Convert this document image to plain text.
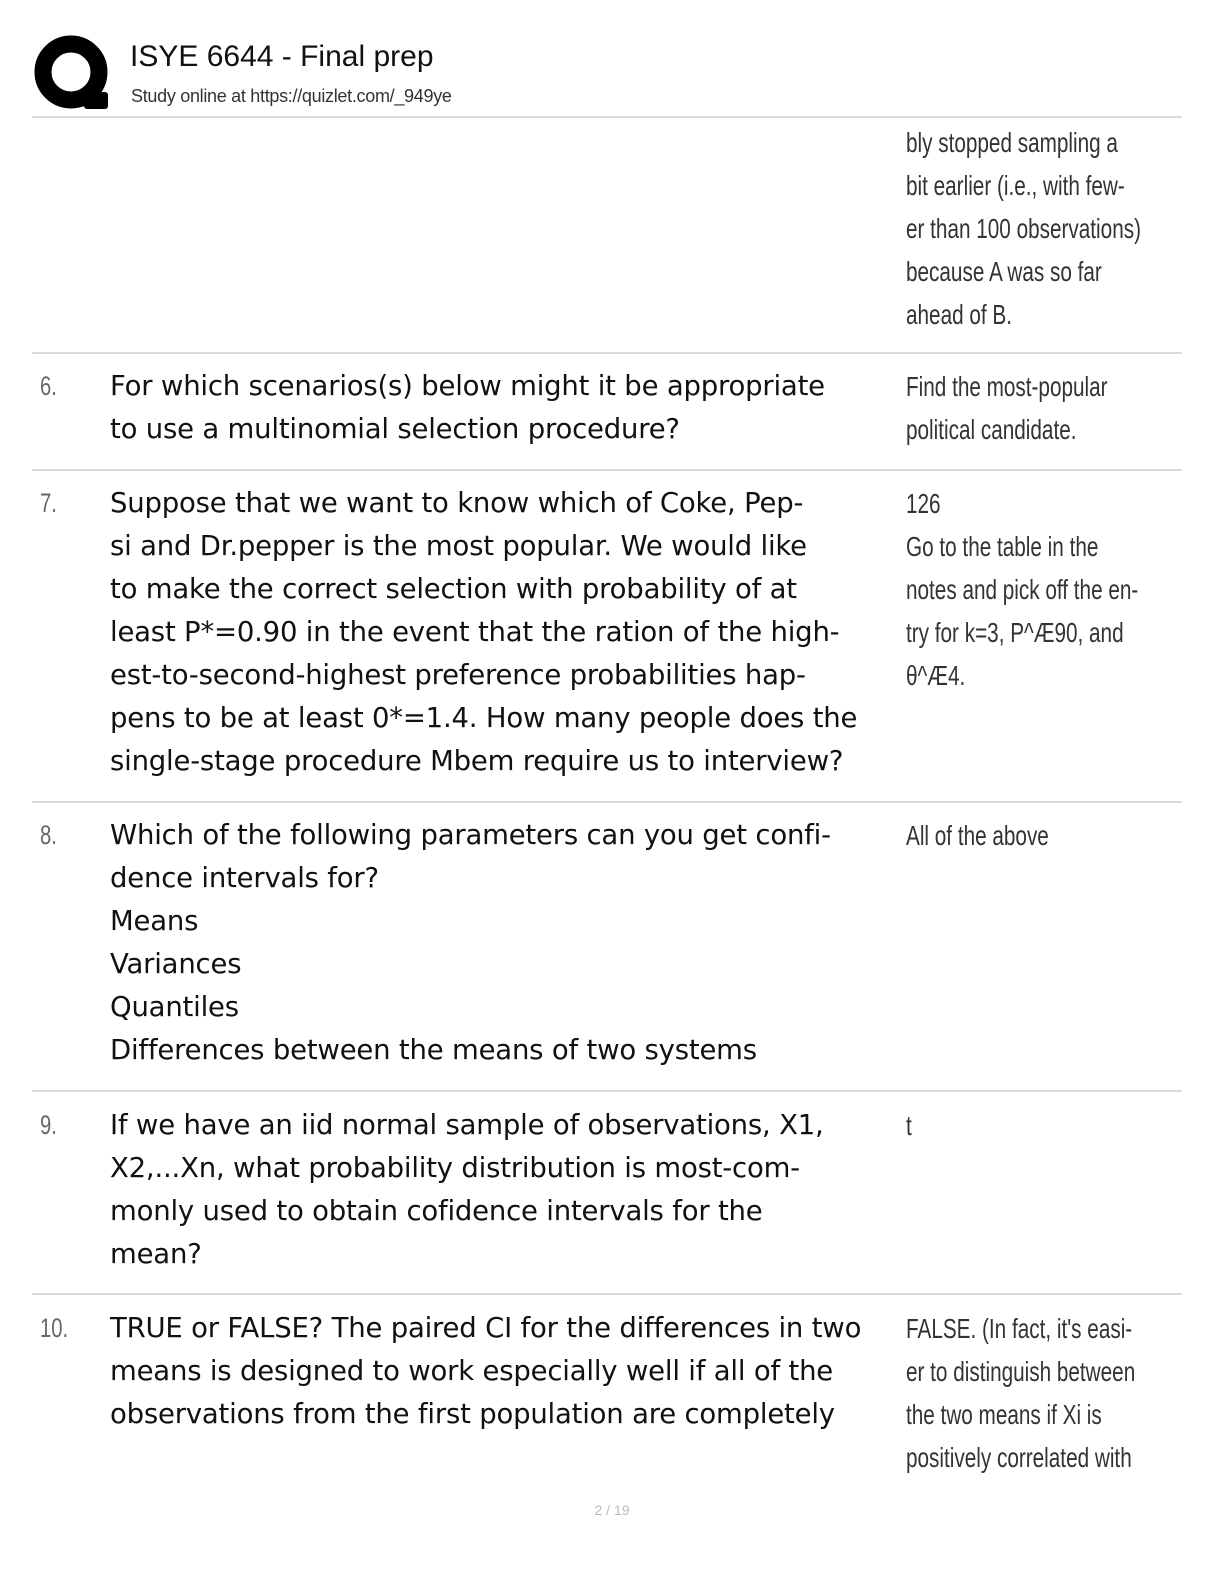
ISYE 6644 - Final prep
Study online at https://quizlet.com/_949ye
bly stopped sampling a
bit earlier (i.e., with few-
er than 100 observations)
because A was so far
ahead of B.
6. For which scenarios(s) below might it be appropriate
to use a multinomial selection procedure?
Find the most-popular
political candidate.
7. Suppose that we want to know which of Coke, Pep-
si and Dr.pepper is the most popular. We would like
to make the correct selection with probability of at
least P*=0.90 in the event that the ration of the high-
est-to-second-highest preference probabilities hap-
pens to be at least 0*=1.4. How many people does the
single-stage procedure Mbem require us to interview?
126
Go to the table in the
notes and pick off the en-
try for k=3, P^Æ90, and
θ^Æ4.
8. Which of the following parameters can you get confi-
dence intervals for?
Means
Variances
Quantiles
Differences between the means of two systems
All of the above
9. If we have an iid normal sample of observations, X1,
X2,...Xn, what probability distribution is most-com-
monly used to obtain cofidence intervals for the
mean?
t
10. TRUE or FALSE? The paired CI for the differences in two
means is designed to work especially well if all of the
observations from the first population are completely
FALSE. (In fact, it's easi-
er to distinguish between
the two means if Xi is
positively correlated with
2 / 19
